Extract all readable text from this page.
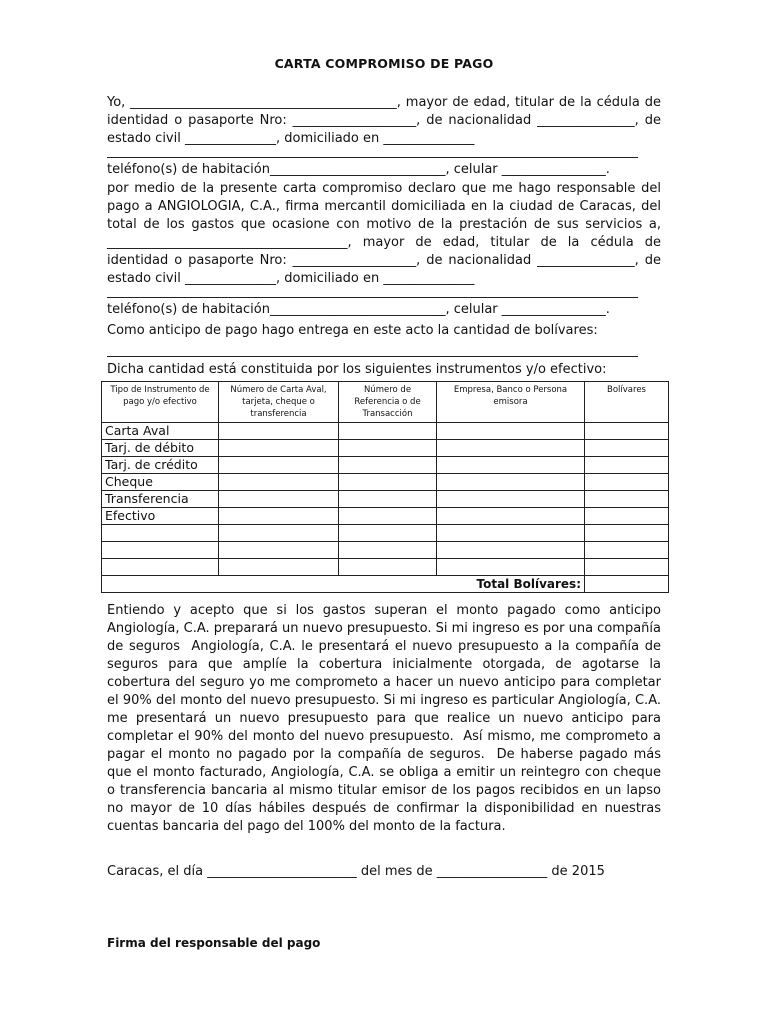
CARTA COMPROMISO DE PAGO
Yo, _________________________________________, mayor de edad, titular de la cédula de identidad o pasaporte Nro: ___________________, de nacionalidad _______________, de estado civil ______________, domiciliado en ______________
teléfono(s) de habitación___________________________, celular ________________.
por medio de la presente carta compromiso declaro que me hago responsable del pago a ANGIOLOGIA, C.A., firma mercantil domiciliada en la ciudad de Caracas, del total de los gastos que ocasione con motivo de la prestación de sus servicios a, _____________________________________, mayor de edad, titular de la cédula de identidad o pasaporte Nro: ___________________, de nacionalidad _______________, de estado civil ______________, domiciliado en ______________
teléfono(s) de habitación___________________________, celular ________________.
Como anticipo de pago hago entrega en este acto la cantidad de bolívares:
Dicha cantidad está constituida por los siguientes instrumentos y/o efectivo:
Tipo de Instrumento de pago y/o efectivo	Número de Carta Aval, tarjeta, cheque o transferencia	Número de Referencia o de Transacción	Empresa, Banco o Persona emisora	Bolívares
Carta Aval				
Tarj. de débito				
Tarj. de crédito				
Cheque				
Transferencia				
Efectivo				

Total Bolívares:				
Entiendo y acepto que si los gastos superan el monto pagado como anticipo Angiología, C.A. preparará un nuevo presupuesto. Si mi ingreso es por una compañía de seguros  Angiología, C.A. le presentará el nuevo presupuesto a la compañía de seguros para que amplíe la cobertura inicialmente otorgada, de agotarse la cobertura del seguro yo me comprometo a hacer un nuevo anticipo para completar el 90% del monto del nuevo presupuesto. Si mi ingreso es particular Angiología, C.A. me presentará un nuevo presupuesto para que realice un nuevo anticipo para completar el 90% del monto del nuevo presupuesto.  Así mismo, me comprometo a pagar el monto no pagado por la compañía de seguros.  De haberse pagado más que el monto facturado, Angiología, C.A. se obliga a emitir un reintegro con cheque o transferencia bancaria al mismo titular emisor de los pagos recibidos en un lapso no mayor de 10 días hábiles después de confirmar la disponibilidad en nuestras cuentas bancaria del pago del 100% del monto de la factura.
Caracas, el día _______________________ del mes de _________________ de 2015
Firma del responsable del pago
